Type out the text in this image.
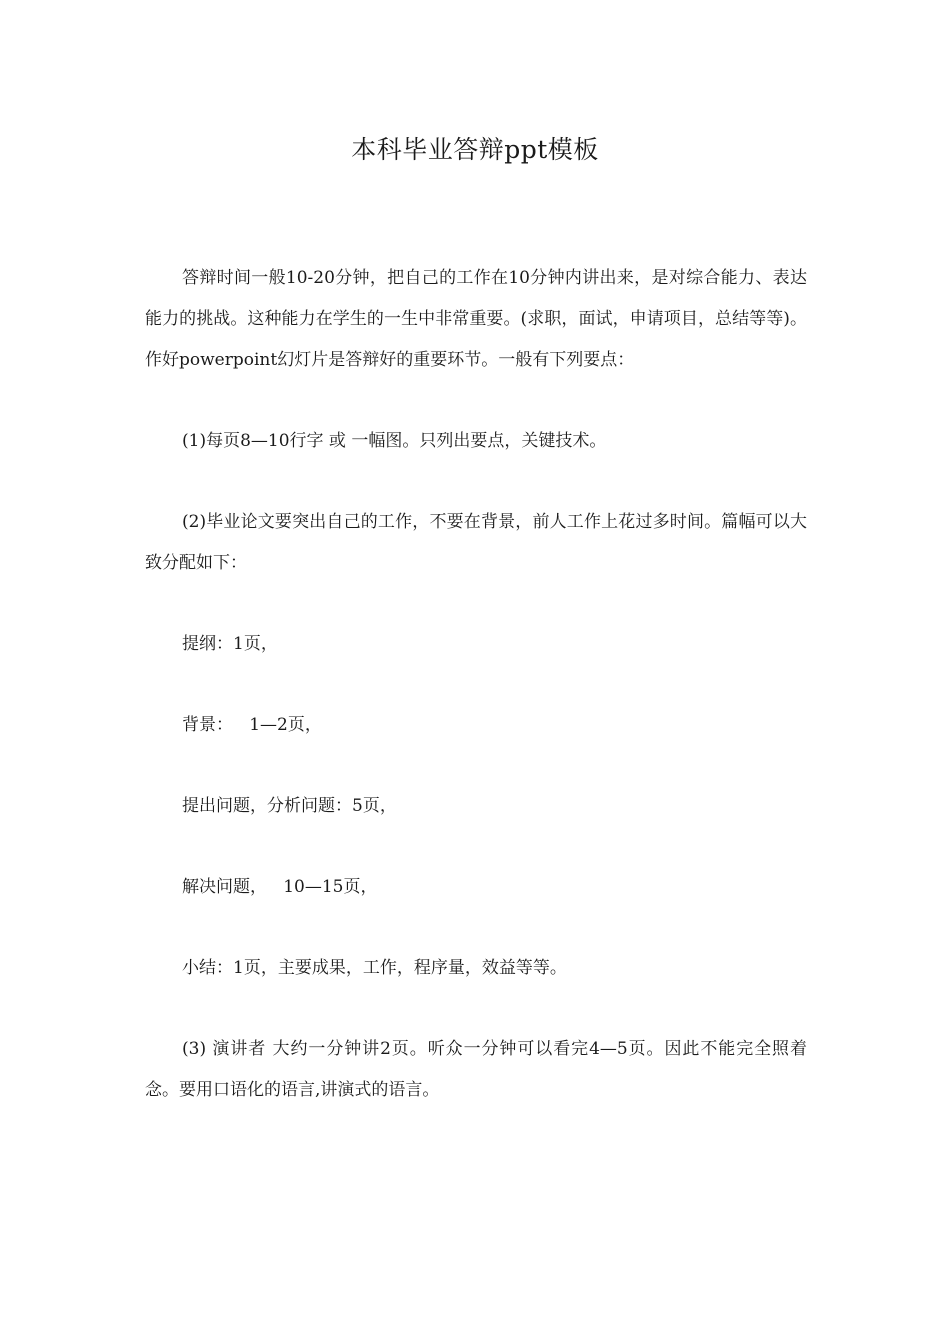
本科毕业答辩ppt模板

答辩时间一般10-20分钟，把自己的工作在10分钟内讲出来，是对综合能力、表达能力的挑战。这种能力在学生的一生中非常重要。(求职，面试，申请项目，总结等等)。作好powerpoint幻灯片是答辩好的重要环节。一般有下列要点：

(1)每页8—10行字 或 一幅图。只列出要点，关键技术。

(2)毕业论文要突出自己的工作，不要在背景，前人工作上花过多时间。篇幅可以大致分配如下：

提纲：1页，

背景：   1—2页，

提出问题，分析问题：5页，

解决问题，   10—15页，

小结：1页，主要成果，工作，程序量，效益等等。

(3) 演讲者 大约一分钟讲2页。听众一分钟可以看完4—5页。因此不能完全照着念。要用口语化的语言,讲演式的语言。
